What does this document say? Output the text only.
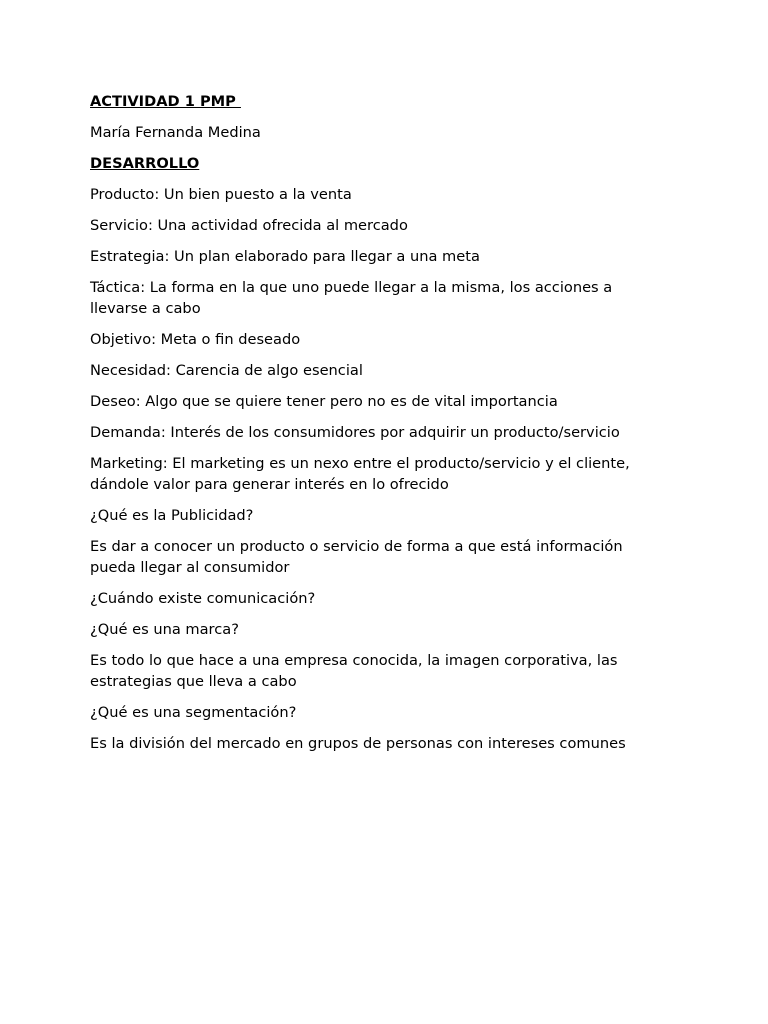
ACTIVIDAD 1 PMP

María Fernanda Medina

DESARROLLO

Producto: Un bien puesto a la venta

Servicio: Una actividad ofrecida al mercado

Estrategia: Un plan elaborado para llegar a una meta

Táctica: La forma en la que uno puede llegar a la misma, los acciones a llevarse a cabo

Objetivo: Meta o fin deseado

Necesidad: Carencia de algo esencial

Deseo: Algo que se quiere tener pero no es de vital importancia

Demanda: Interés de los consumidores por adquirir un producto/servicio

Marketing: El marketing es un nexo entre el producto/servicio y el cliente, dándole valor para generar interés en lo ofrecido

¿Qué es la Publicidad?

Es dar a conocer un producto o servicio de forma a que está información pueda llegar al consumidor

¿Cuándo existe comunicación?

¿Qué es una marca?

Es todo lo que hace a una empresa conocida, la imagen corporativa, las estrategias que lleva a cabo

¿Qué es una segmentación?

Es la división del mercado en grupos de personas con intereses comunes
